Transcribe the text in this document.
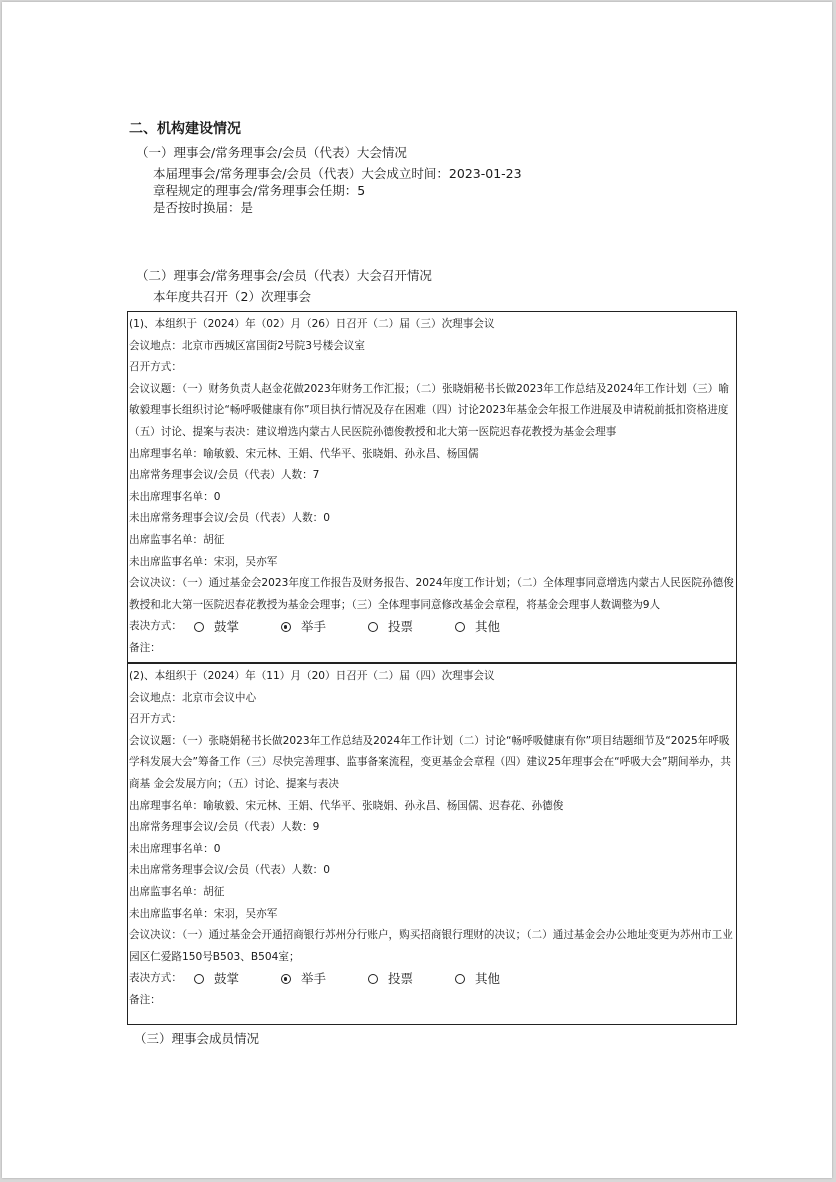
二、机构建设情况
（一）理事会/常务理事会/会员（代表）大会情况
本届理事会/常务理事会/会员（代表）大会成立时间：2023-01-23
章程规定的理事会/常务理事会任期：5
是否按时换届：是
（二）理事会/常务理事会/会员（代表）大会召开情况
本年度共召开（2）次理事会
(1)、本组织于（2024）年（02）月（26）日召开（二）届（三）次理事会议
会议地点：北京市西城区富国街2号院3号楼会议室
召开方式：
会议议题：（一）财务负责人赵金花做2023年财务工作汇报；（二）张晓娟秘书长做2023年工作总结及2024年工作计划（三）喻敏毅理事长组织讨论“畅呼吸健康有你”项目执行情况及存在困难（四）讨论2023年基金会年报工作进展及申请税前抵扣资格进度（五）讨论、提案与表决：建议增选内蒙古人民医院孙德俊教授和北大第一医院迟春花教授为基金会理事
出席理事名单：喻敏毅、宋元林、王娟、代华平、张晓娟、孙永昌、杨国儒
出席常务理事会议/会员（代表）人数：7
未出席理事名单：0
未出席常务理事会议/会员（代表）人数：0
出席监事名单：胡征
未出席监事名单：宋羽，吴亦军
会议决议：（一）通过基金会2023年度工作报告及财务报告、2024年度工作计划；（二）全体理事同意增选内蒙古人民医院孙德俊教授和北大第一医院迟春花教授为基金会理事；（三）全体理事同意修改基金会章程，将基金会理事人数调整为9人
表决方式：	鼓掌	举手	投票	其他
备注：
(2)、本组织于（2024）年（11）月（20）日召开（二）届（四）次理事会议
会议地点：北京市会议中心
召开方式：
会议议题：（一）张晓娟秘书长做2023年工作总结及2024年工作计划（二）讨论“畅呼吸健康有你”项目结题细节及“2025年呼吸学科发展大会”筹备工作（三）尽快完善理事、监事备案流程，变更基金会章程（四）建议25年理事会在“呼吸大会”期间举办，共商基 金会发展方向；（五）讨论、提案与表决
出席理事名单：喻敏毅、宋元林、王娟、代华平、张晓娟、孙永昌、杨国儒、迟春花、孙德俊
出席常务理事会议/会员（代表）人数：9
未出席理事名单：0
未出席常务理事会议/会员（代表）人数：0
出席监事名单：胡征
未出席监事名单：宋羽，吴亦军
会议决议：（一）通过基金会开通招商银行苏州分行账户，购买招商银行理财的决议；（二）通过基金会办公地址变更为苏州市工业园区仁爱路150号B503、B504室；
表决方式：	鼓掌	举手	投票	其他
备注：
（三）理事会成员情况
